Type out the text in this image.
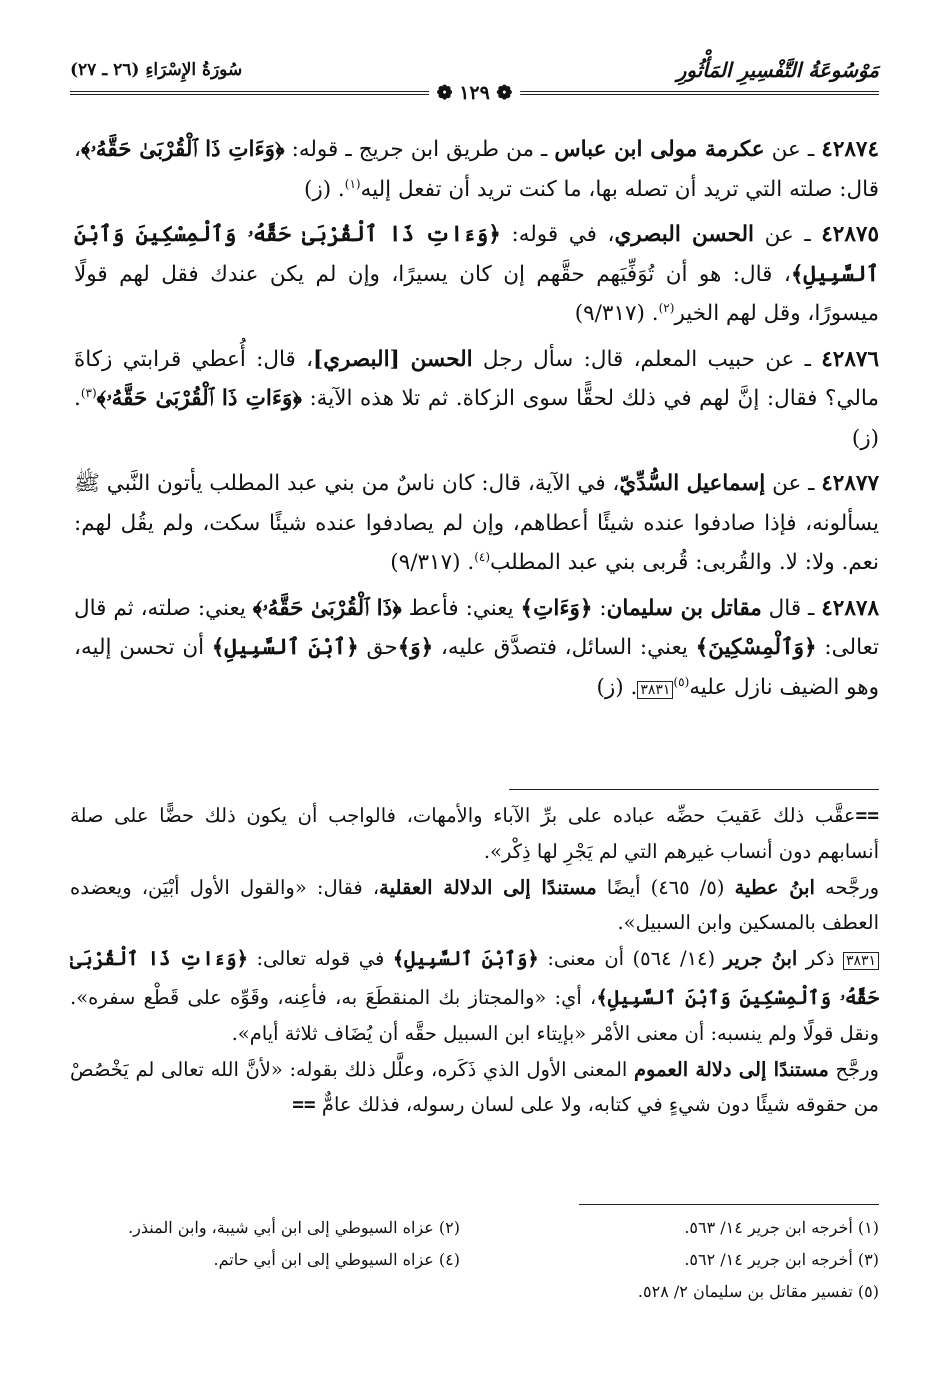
مَوْسُوعَةُ التَّفْسِيرِ المَأْثُورِ
سُورَةُ الإِسْرَاءِ (٢٦ ـ ٢٧)
❁ ١٢٩ ❁
٤٢٨٧٤ ـ عن عكرمة مولى ابن عباس ـ من طريق ابن جريج ـ قوله: ﴿وَءَاتِ ذَا ٱلْقُرْبَىٰ حَقَّهُۥ﴾، قال: صلته التي تريد أن تصله بها، ما كنت تريد أن تفعل إليه$^{(١)}$. (ز)
٤٢٨٧٥ ـ عن الحسن البصري، في قوله: ﴿وَءَاتِ ذَا ٱلْقُرْبَىٰ حَقَّهُۥ وَٱلْمِسْكِينَ وَٱبْنَ ٱلسَّبِيلِ﴾، قال: هو أن تُوَفِّيَهم حقَّهم إن كان يسيرًا، وإن لم يكن عندك فقل لهم قولًا ميسورًا، وقل لهم الخير$^{(٢)}$. (٩/٣١٧)
٤٢٨٧٦ ـ عن حبيب المعلم، قال: سأل رجل الحسن [البصري]، قال: أُعطي قرابتي زكاةَ مالي؟ فقال: إنَّ لهم في ذلك لحقًّا سوى الزكاة. ثم تلا هذه الآية: ﴿وَءَاتِ ذَا ٱلْقُرْبَىٰ حَقَّهُۥ﴾$^{(٣)}$. (ز)
٤٢٨٧٧ ـ عن إسماعيل السُّدِّيّ، في الآية، قال: كان ناسٌ من بني عبد المطلب يأتون النَّبي ﷺ يسألونه، فإذا صادفوا عنده شيئًا أعطاهم، وإن لم يصادفوا عنده شيئًا سكت، ولم يقُل لهم: نعم. ولا: لا. والقُربى: قُربى بني عبد المطلب$^{(٤)}$. (٩/٣١٧)
٤٢٨٧٨ ـ قال مقاتل بن سليمان: ﴿وَءَاتِ﴾ يعني: فأعط ﴿ذَا ٱلْقُرْبَىٰ حَقَّهُۥ﴾ يعني: صلته، ثم قال تعالى: ﴿وَٱلْمِسْكِينَ﴾ يعني: السائل، فتصدَّق عليه، ﴿وَ﴾حق ﴿ٱبْنَ ٱلسَّبِيلِ﴾ أن تحسن إليه، وهو الضيف نازل عليه$^{(٥)}$٣٨٣١. (ز)

==عقَّب ذلك عَقيبَ حضِّه عباده على برِّ الآباء والأمهات، فالواجب أن يكون ذلك حضًّا على صلة أنسابهم دون أنساب غيرهم التي لم يَجْرِ لها ذِكْر».

ورجَّحه ابنُ عطية (٥/ ٤٦٥) أيضًا مستندًا إلى الدلالة العقلية، فقال: «والقول الأول أبْيَن، ويعضده العطف بالمسكين وابن السبيل».

٣٨٣١ ذكر ابنُ جرير (١٤/ ٥٦٤) أن معنى: ﴿وَٱبْنَ ٱلسَّبِيلِ﴾ في قوله تعالى: ﴿وَءَاتِ ذَا ٱلْقُرْبَىٰ حَقَّهُۥ وَٱلْمِسْكِينَ وَٱبْنَ ٱلسَّبِيلِ﴾، أي: «والمجتاز بك المنقطَعَ به، فأعِنه، وقَوِّه على قَطْع سفره». ونقل قولًا ولم ينسبه: أن معنى الأمْر «بإيتاء ابن السبيل حقَّه أن يُضَاف ثلاثة أيام».

ورجَّح مستندًا إلى دلالة العموم المعنى الأول الذي ذَكَره، وعلَّل ذلك بقوله: «لأنَّ الله تعالى لم يَخْصُصْ من حقوقه شيئًا دون شيءٍ في كتابه، ولا على لسان رسوله، فذلك عامٌّ ==

(١) أخرجه ابن جرير ١٤/ ٥٦٣.
(٢) عزاه السيوطي إلى ابن أبي شيبة، وابن المنذر.
(٣) أخرجه ابن جرير ١٤/ ٥٦٢.
(٤) عزاه السيوطي إلى ابن أبي حاتم.
(٥) تفسير مقاتل بن سليمان ٢/ ٥٢٨.
